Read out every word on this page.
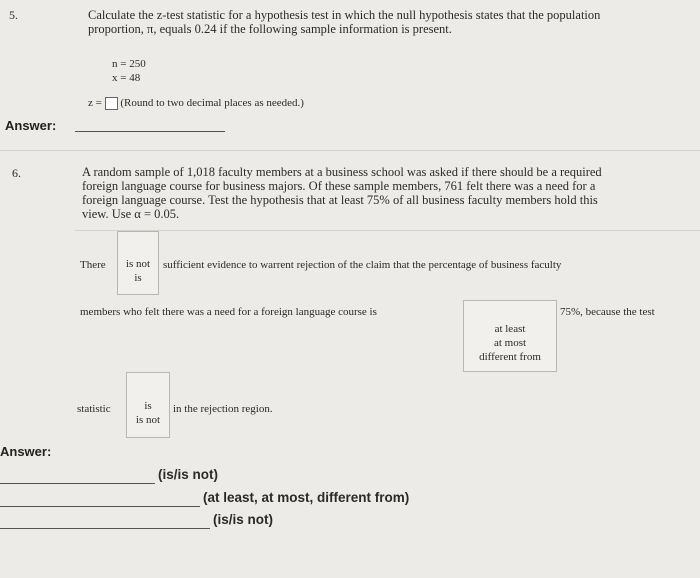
5.	Calculate the z-test statistic for a hypothesis test in which the null hypothesis states that the population
proportion, π, equals 0.24 if the following sample information is present.
n = 250
x = 48
z = (Round to two decimal places as needed.)
Answer:
6.	A random sample of 1,018 faculty members at a business school was asked if there should be a required
foreign language course for business majors. Of these sample members, 761 felt there was a need for a
foreign language course. Test the hypothesis that at least 75% of all business faculty members hold this
view. Use α = 0.05.
There	is not
is
sufficient evidence to warrent rejection of the claim that the percentage of business faculty
members who felt there was a need for a foreign language course is
at least
at most
different from
75%, because the test
statistic	is
is not
in the rejection region.
Answer:
(is/is not)
(at least, at most, different from)
(is/is not)
